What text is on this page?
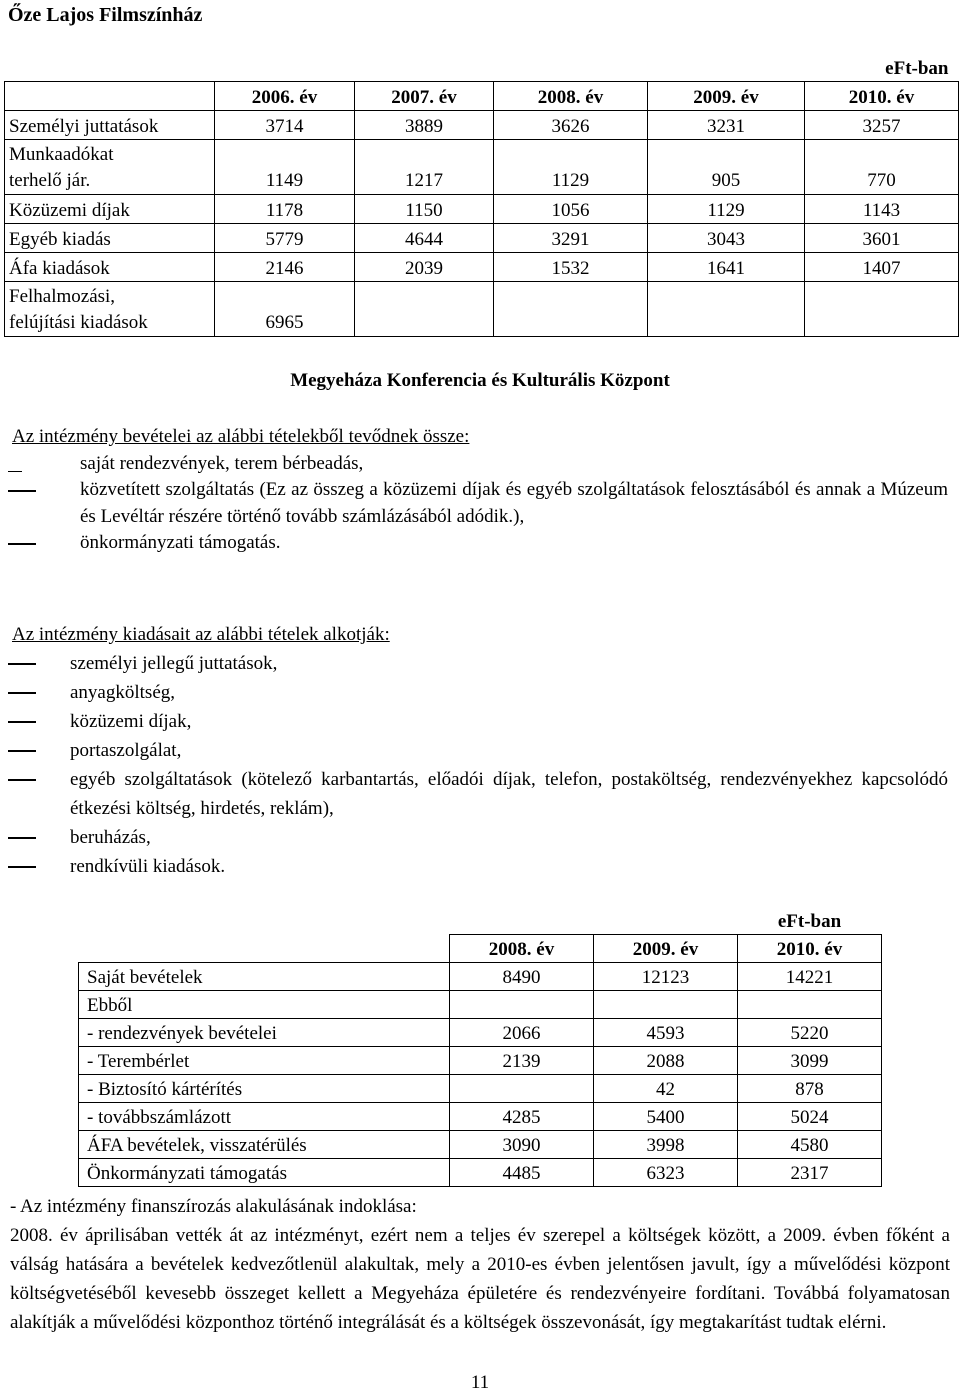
Őze Lajos Filmszínház
					eFt-ban
	2006. év	2007. év	2008. év	2009. év	2010. év
Személyi juttatások	3714	3889	3626	3231	3257
Munkaadókat
terhelő jár.	1149	1217	1129	905	770
Közüzemi díjak	1178	1150	1056	1129	1143
Egyéb kiadás	5779	4644	3291	3043	3601
Áfa kiadások	2146	2039	1532	1641	1407
Felhalmozási,
felújítási kiadások	6965				
Megyeháza Konferencia és Kulturális Központ
Az intézmény bevételei az alábbi tételekből tevődnek össze:
saját rendezvények, terem bérbeadás,
közvetített szolgáltatás (Ez az összeg a közüzemi díjak és egyéb szolgáltatások felosztásából és annak a Múzeum és Levéltár részére történő tovább számlázásából adódik.),
önkormányzati támogatás.
Az intézmény kiadásait az alábbi tételek alkotják:
személyi jellegű juttatások,
anyagköltség,
közüzemi díjak,
portaszolgálat,
egyéb szolgáltatások (kötelező karbantartás, előadói díjak, telefon, postaköltség, rendezvényekhez kapcsolódó étkezési költség, hirdetés, reklám),
beruházás,
rendkívüli kiadások.
			eFt-ban
	2008. év	2009. év	2010. év
Saját bevételek	8490	12123	14221
Ebből			
- rendezvények bevételei	2066	4593	5220
- Terembérlet	2139	2088	3099
- Biztosító kártérítés		42	878
- továbbszámlázott	4285	5400	5024
ÁFA bevételek, visszatérülés	3090	3998	4580
Önkormányzati támogatás	4485	6323	2317
- Az intézmény finanszírozás alakulásának indoklása:
2008. év áprilisában vették át az intézményt, ezért nem a teljes év szerepel a költségek között, a 2009. évben főként a válság hatására a bevételek kedvezőtlenül alakultak, mely a 2010-es évben jelentősen javult, így a művelődési központ költségvetéséből kevesebb összeget kellett a Megyeháza épületére és rendezvényeire fordítani. Továbbá folyamatosan alakítják a művelődési központhoz történő integrálását és a költségek összevonását, így megtakarítást tudtak elérni.
11
